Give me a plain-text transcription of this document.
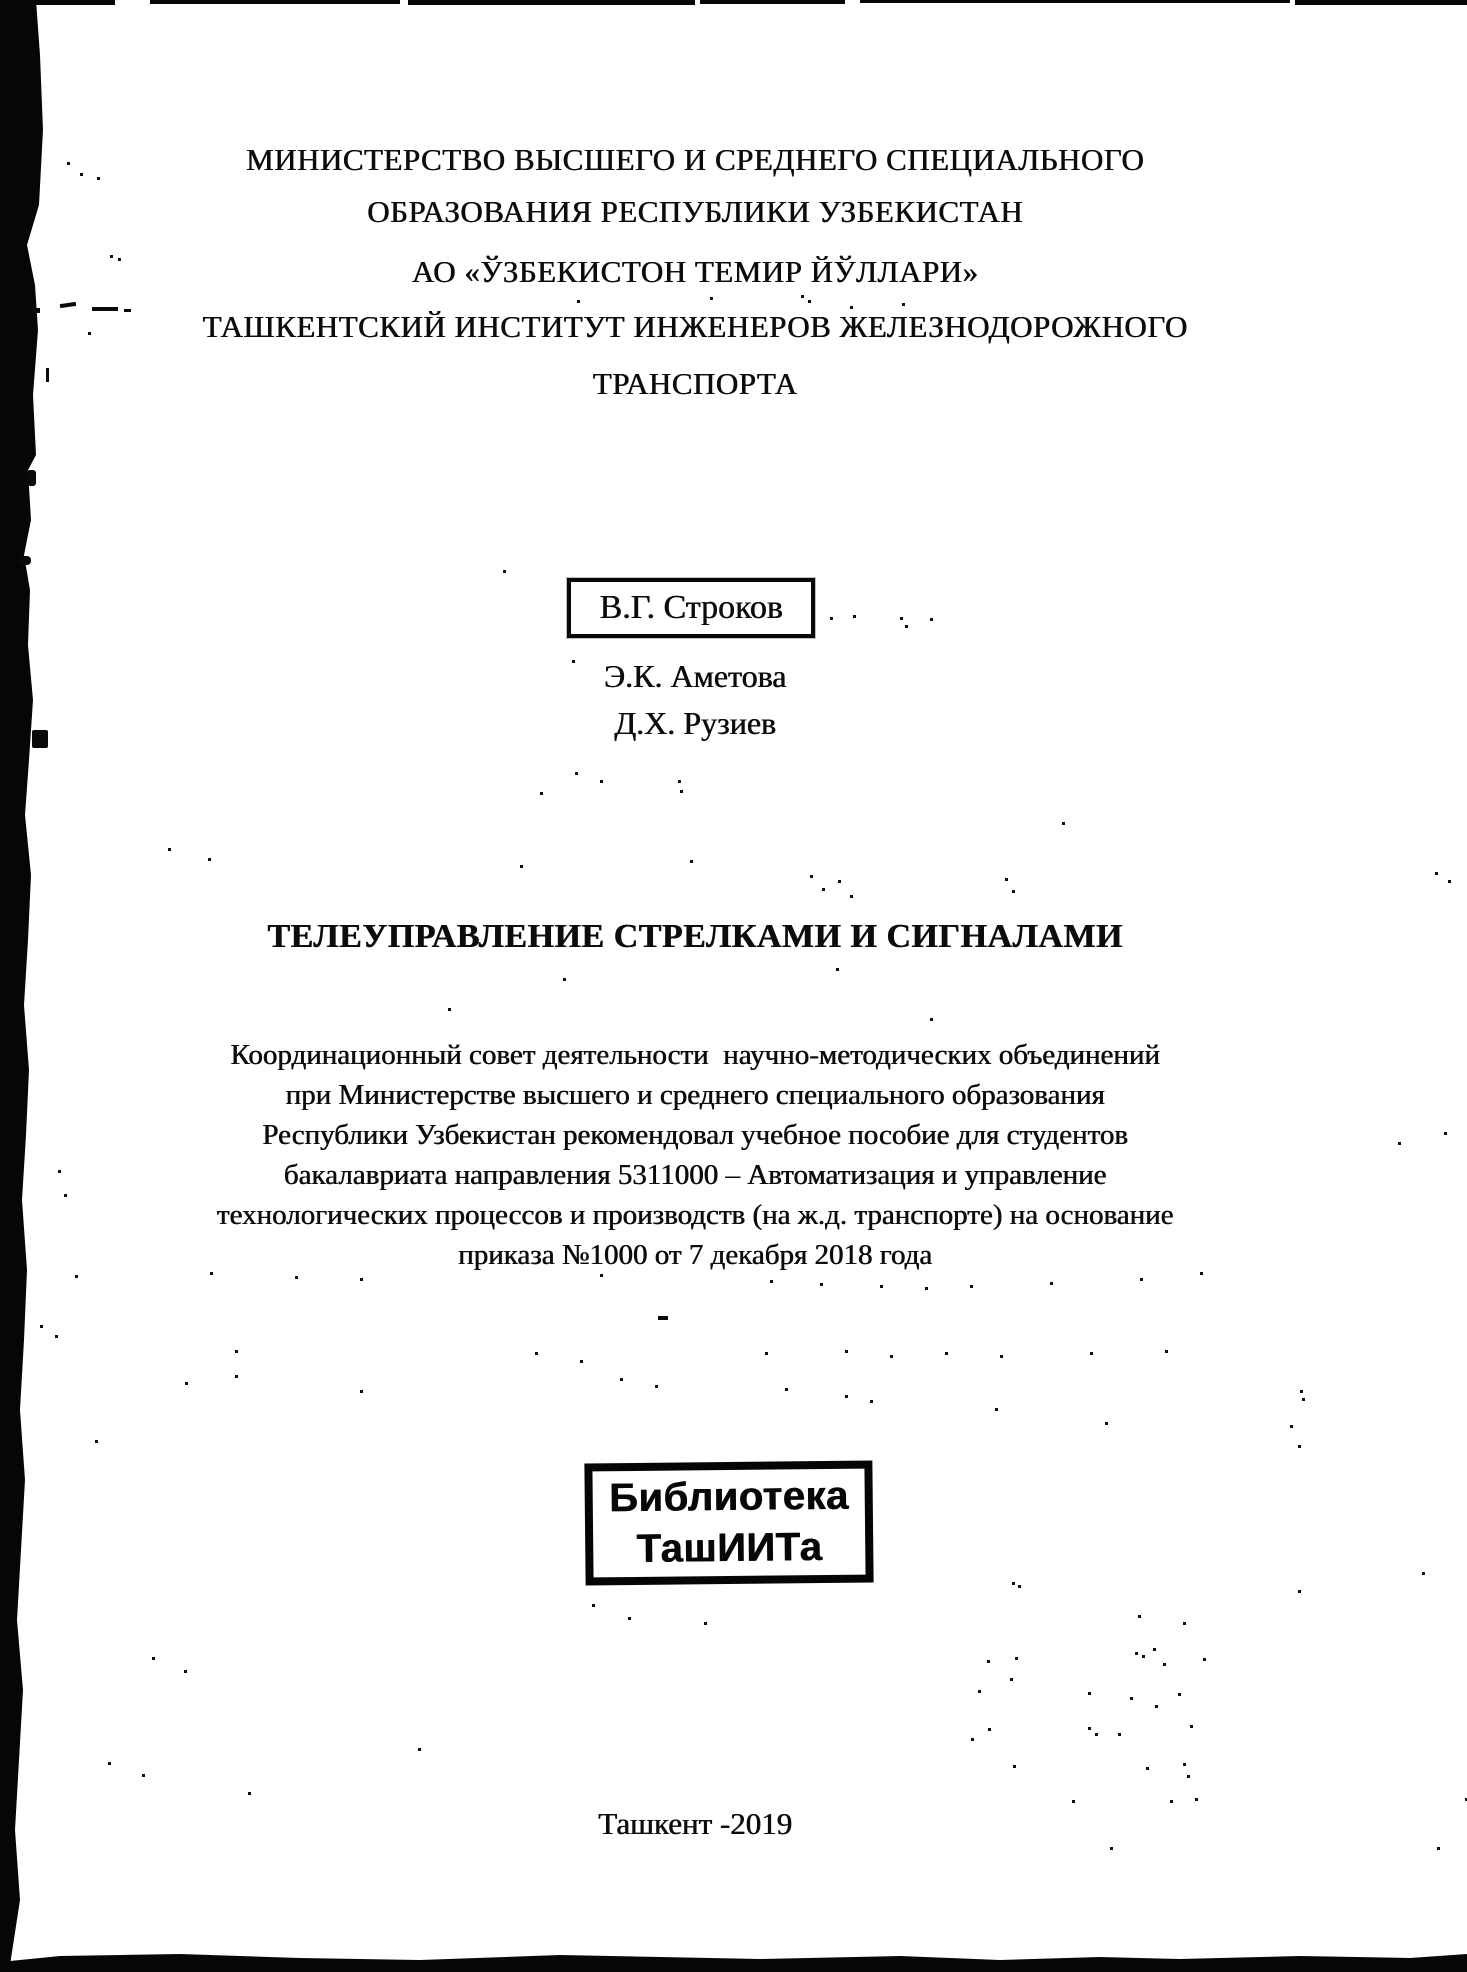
МИНИСТЕРСТВО ВЫСШЕГО И СРЕДНЕГО СПЕЦИАЛЬНОГО
ОБРАЗОВАНИЯ РЕСПУБЛИКИ УЗБЕКИСТАН
АО «ЎЗБЕКИСТОН ТЕМИР ЙЎЛЛАРИ»
ТАШКЕНТСКИЙ ИНСТИТУТ ИНЖЕНЕРОВ ЖЕЛЕЗНОДОРОЖНОГО
ТРАНСПОРТА
В.Г. Строков
Э.К. Аметова
Д.Х. Рузиев
ТЕЛЕУПРАВЛЕНИЕ СТРЕЛКАМИ И СИГНАЛАМИ
Координационный совет деятельности  научно-методических объединений
при Министерстве высшего и среднего специального образования
Республики Узбекистан рекомендовал учебное пособие для студентов
бакалавриата направления 5311000 – Автоматизация и управление
технологических процессов и производств (на ж.д. транспорте) на основание
приказа №1000 от 7 декабря 2018 года
Библиотека
ТашИИТа
Ташкент -2019
